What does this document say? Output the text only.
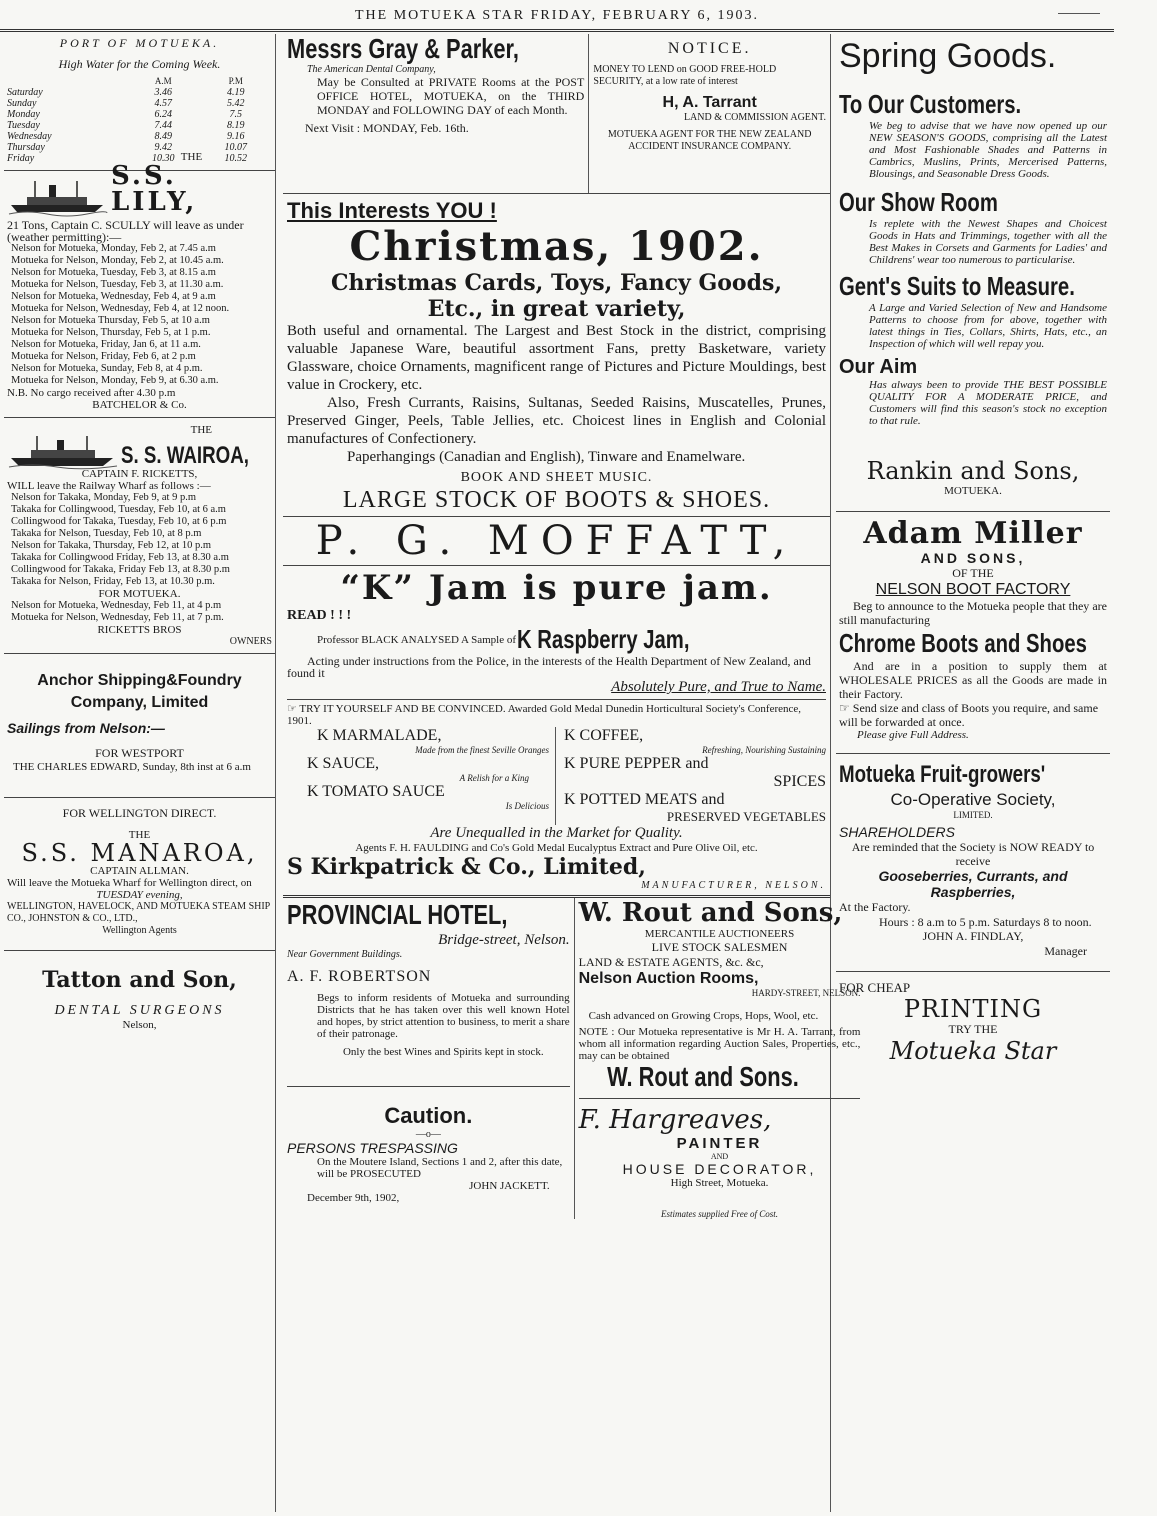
THE MOTUEKA STAR FRIDAY, FEBRUARY 6, 1903.
PORT OF MOTUEKA.
High Water for the Coming Week.
	A.M	P.M
Saturday	3.46	4.19
Sunday	4.57	5.42
Monday	6.24	7.5
Tuesday	7.44	8.19
Wednesday	8.49	9.16
Thursday	9.42	10.07
Friday	10.30	10.52
THE
S.S. LILY,
21 Tons, Captain C. SCULLY will leave as under (weather permitting):—
Nelson for Motueka, Monday, Feb 2, at 7.45 a.m
Motueka for Nelson, Monday, Feb 2, at 10.45 a.m.
Nelson for Motueka, Tuesday, Feb 3, at 8.15 a.m
Motueka for Nelson, Tuesday, Feb 3, at 11.30 a.m.
Nelson for Motueka, Wednesday, Feb 4, at 9 a.m
Motueka for Nelson, Wednesday, Feb 4, at 12 noon.
Nelson for Motueka Thursday, Feb 5, at 10 a.m
Motueka for Nelson, Thursday, Feb 5, at 1 p.m.
Nelson for Motueka, Friday, Jan 6, at 11 a.m.
Motueka for Nelson, Friday, Feb 6, at 2 p.m
Nelson for Motueka, Sunday, Feb 8, at 4 p.m.
Motueka for Nelson, Monday, Feb 9, at 6.30 a.m.
N.B. No cargo received after 4.30 p.m
BATCHELOR & Co.
THE
S. S. WAIROA,
CAPTAIN F. RICKETTS,
WILL leave the Railway Wharf as follows :—
Nelson for Takaka, Monday, Feb 9, at 9 p.m
Takaka for Collingwood, Tuesday, Feb 10, at 6 a.m
Collingwood for Takaka, Tuesday, Feb 10, at 6 p.m
Takaka for Nelson, Tuesday, Feb 10, at 8 p.m
Nelson for Takaka, Thursday, Feb 12, at 10 p.m
Takaka for Collingwood Friday, Feb 13, at 8.30 a.m
Collingwood for Takaka, Friday Feb 13, at 8.30 p.m
Takaka for Nelson, Friday, Feb 13, at 10.30 p.m.
FOR MOTUEKA.
Nelson for Motueka, Wednesday, Feb 11, at 4 p.m
Motueka for Nelson, Wednesday, Feb 11, at 7 p.m.
RICKETTS BROS
OWNERS
Anchor Shipping&Foundry
Company, Limited
Sailings from Nelson:—
FOR WESTPORT
THE CHARLES EDWARD, Sunday, 8th inst at 6 a.m
FOR WELLINGTON DIRECT.
THE
S.S. MANAROA,
CAPTAIN ALLMAN.
Will leave the Motueka Wharf for Wellington direct, on
TUESDAY evening,
WELLINGTON, HAVELOCK, AND MOTUEKA STEAM SHIP CO., JOHNSTON & CO., LTD.,
Wellington Agents
Tatton and Son,
DENTAL SURGEONS
Nelson,
Messrs Gray & Parker,
The American Dental Company,
May be Consulted at PRIVATE Rooms at the POST OFFICE HOTEL, MOTUEKA, on the THIRD MONDAY and FOLLOWING DAY of each Month.
Next Visit : MONDAY, Feb. 16th.
NOTICE.
MONEY TO LEND on GOOD FREE-HOLD SECURITY, at a low rate of interest
H, A. Tarrant
LAND & COMMISSION AGENT.
MOTUEKA AGENT FOR THE NEW ZEALAND ACCIDENT INSURANCE COMPANY.
This Interests YOU !
Christmas, 1902.
Christmas Cards, Toys, Fancy Goods,
Etc., in great variety,
Both useful and ornamental. The Largest and Best Stock in the district, comprising valuable Japanese Ware, beautiful assortment Fans, pretty Basketware, variety Glassware, choice Ornaments, magnificent range of Pictures and Picture Mouldings, best value in Crockery, etc.
Also, Fresh Currants, Raisins, Sultanas, Seeded Raisins, Muscatelles, Prunes, Preserved Ginger, Peels, Table Jellies, etc. Choicest lines in English and Colonial manufactures of Confectionery.
Paperhangings (Canadian and English), Tinware and Enamelware.
BOOK AND SHEET MUSIC.
LARGE STOCK OF BOOTS & SHOES.
P. G. MOFFATT,
“K” Jam is pure jam.
READ ! ! !
Professor BLACK ANALYSED A Sample of K Raspberry Jam,
Acting under instructions from the Police, in the interests of the Health Department of New Zealand, and found it
Absolutely Pure, and True to Name.
☞ TRY IT YOURSELF AND BE CONVINCED. Awarded Gold Medal Dunedin Horticultural Society's Conference, 1901.
K MARMALADE,
Made from the finest Seville Oranges
K SAUCE,
A Relish for a King
K TOMATO SAUCE
Is Delicious
K COFFEE,
Refreshing, Nourishing Sustaining
K PURE PEPPER and
SPICES
K POTTED MEATS and
PRESERVED VEGETABLES
Are Unequalled in the Market for Quality.
Agents F. H. FAULDING and Co's Gold Medal Eucalyptus Extract and Pure Olive Oil, etc.
S Kirkpatrick & Co., Limited,
MANUFACTURER, NELSON.
PROVINCIAL HOTEL,
Bridge-street, Nelson.
Near Government Buildings.
A. F. ROBERTSON
Begs to inform residents of Motueka and surrounding Districts that he has taken over this well known Hotel and hopes, by strict attention to business, to merit a share of their patronage.
Only the best Wines and Spirits kept in stock.
Caution.
—o—
PERSONS TRESPASSING
On the Moutere Island, Sections 1 and 2, after this date, will be PROSECUTED
JOHN JACKETT.
December 9th, 1902,
W. Rout and Sons,
MERCANTILE AUCTIONEERS
LIVE STOCK SALESMEN
LAND & ESTATE AGENTS, &c. &c,
Nelson Auction Rooms,
HARDY-STREET, NELSON.
Cash advanced on Growing Crops, Hops, Wool, etc.
NOTE : Our Motueka representative is Mr H. A. Tarrant, from whom all information regarding Auction Sales, Properties, etc., may can be obtained
W. Rout and Sons.
F. Hargreaves,
PAINTER
AND
HOUSE DECORATOR,
High Street, Motueka.
Estimates supplied Free of Cost.
Spring Goods.
To Our Customers.
We beg to advise that we have now opened up our NEW SEASON'S GOODS, comprising all the Latest and Most Fashionable Shades and Patterns in Cambrics, Muslins, Prints, Mercerised Patterns, Blousings, and Seasonable Dress Goods.
Our Show Room
Is replete with the Newest Shapes and Choicest Goods in Hats and Trimmings, together with all the Best Makes in Corsets and Garments for Ladies' and Childrens' wear too numerous to particularise.
Gent's Suits to Measure.
A Large and Varied Selection of New and Handsome Patterns to choose from for above, together with latest things in Ties, Collars, Shirts, Hats, etc., an Inspection of which will well repay you.
Our Aim
Has always been to provide THE BEST POSSIBLE QUALITY FOR A MODERATE PRICE, and Customers will find this season's stock no exception to that rule.
Rankin and Sons,
MOTUEKA.
Adam Miller
AND SONS,
OF THE
NELSON BOOT FACTORY
Beg to announce to the Motueka people that they are still manufacturing
Chrome Boots and Shoes
And are in a position to supply them at WHOLESALE PRICES as all the Goods are made in their Factory.
☞ Send size and class of Boots you require, and same will be forwarded at once.
Please give Full Address.
Motueka Fruit-growers'
Co-Operative Society,
LIMITED.
SHAREHOLDERS
Are reminded that the Society is NOW READY to receive
Gooseberries, Currants, and Raspberries,
At the Factory.
Hours : 8 a.m to 5 p.m. Saturdays 8 to noon.
JOHN A. FINDLAY,
Manager
FOR CHEAP
PRINTING
TRY THE
Motueka Star
